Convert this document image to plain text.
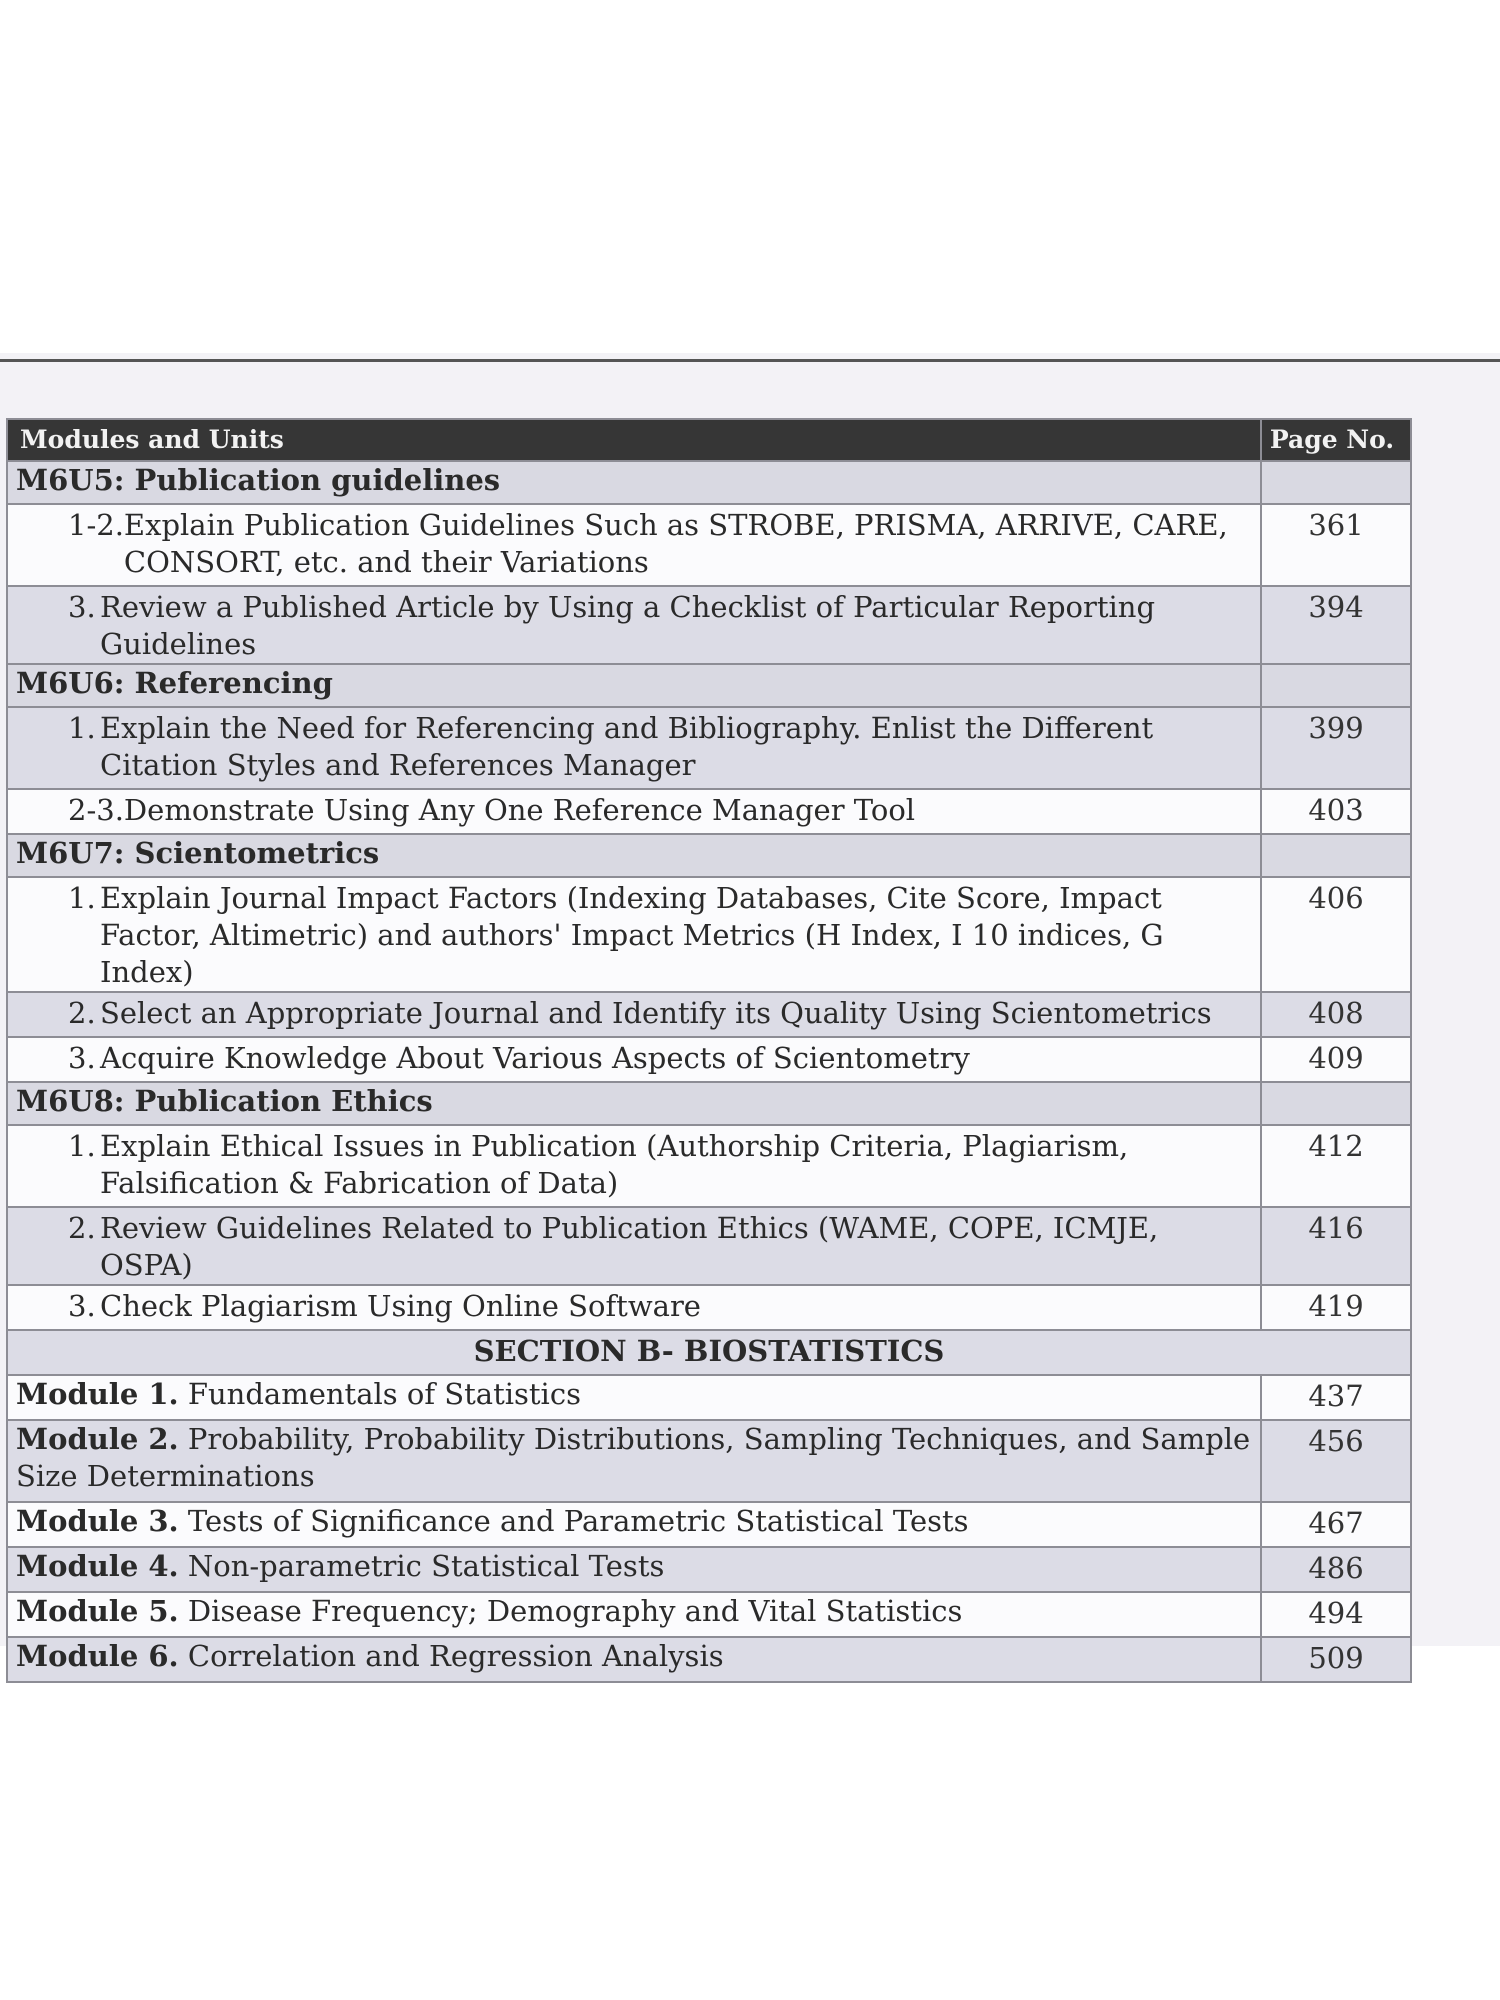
Modules and Units	Page No.
M6U5: Publication guidelines	

1-2. Explain Publication Guidelines Such as STROBE, PRISMA, ARRIVE, CARE, CONSORT, etc. and their Variations	361

3. Review a Published Article by Using a Checklist of Particular Reporting Guidelines	394
M6U6: Referencing	

1. Explain the Need for Referencing and Bibliography. Enlist the Different Citation Styles and References Manager	399

2-3. Demonstrate Using Any One Reference Manager Tool	403
M6U7: Scientometrics	

1. Explain Journal Impact Factors (Indexing Databases, Cite Score, Impact Factor, Altimetric) and authors' Impact Metrics (H Index, I 10 indices, G Index)	406

2. Select an Appropriate Journal and Identify its Quality Using Scientometrics	408

3. Acquire Knowledge About Various Aspects of Scientometry	409
M6U8: Publication Ethics	

1. Explain Ethical Issues in Publication (Authorship Criteria, Plagiarism, Falsification & Fabrication of Data)	412

2. Review Guidelines Related to Publication Ethics (WAME, COPE, ICMJE, OSPA)	416

3. Check Plagiarism Using Online Software	419
SECTION B- BIOSTATISTICS	
Module 1. Fundamentals of Statistics	437
Module 2. Probability, Probability Distributions, Sampling Techniques, and Sample Size Determinations	456
Module 3. Tests of Significance and Parametric Statistical Tests	467
Module 4. Non-parametric Statistical Tests	486
Module 5. Disease Frequency; Demography and Vital Statistics	494
Module 6. Correlation and Regression Analysis	509
